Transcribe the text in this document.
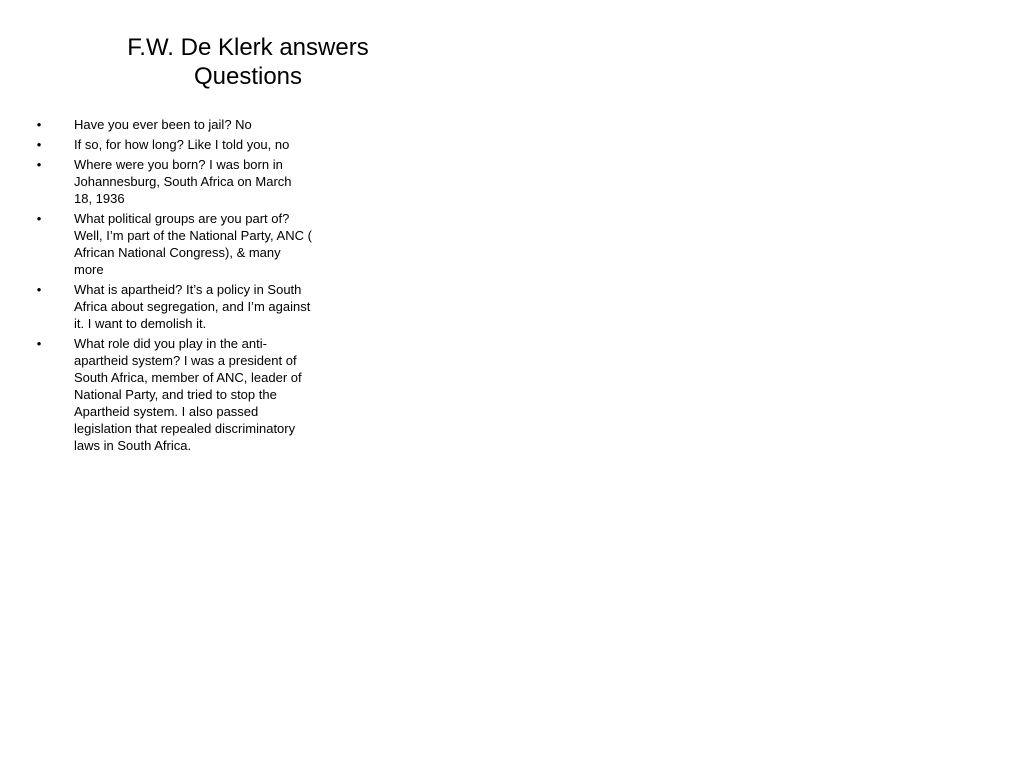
F.W. De Klerk answers
Questions
•	Have you ever been to jail? No
•	If so, for how long? Like I told you, no
•	Where were you born? I was born in Johannesburg, South Africa on March 18, 1936
•	What political groups are you part of? Well, I’m part of the National Party, ANC ( African National Congress), & many more
•	What is apartheid? It’s a policy in South Africa about segregation, and I’m against it. I want to demolish it.
•	What role did you play in the anti-apartheid system? I was a president of South Africa, member of ANC, leader of National Party, and tried to stop the Apartheid system. I also passed legislation that repealed discriminatory laws in South Africa.
